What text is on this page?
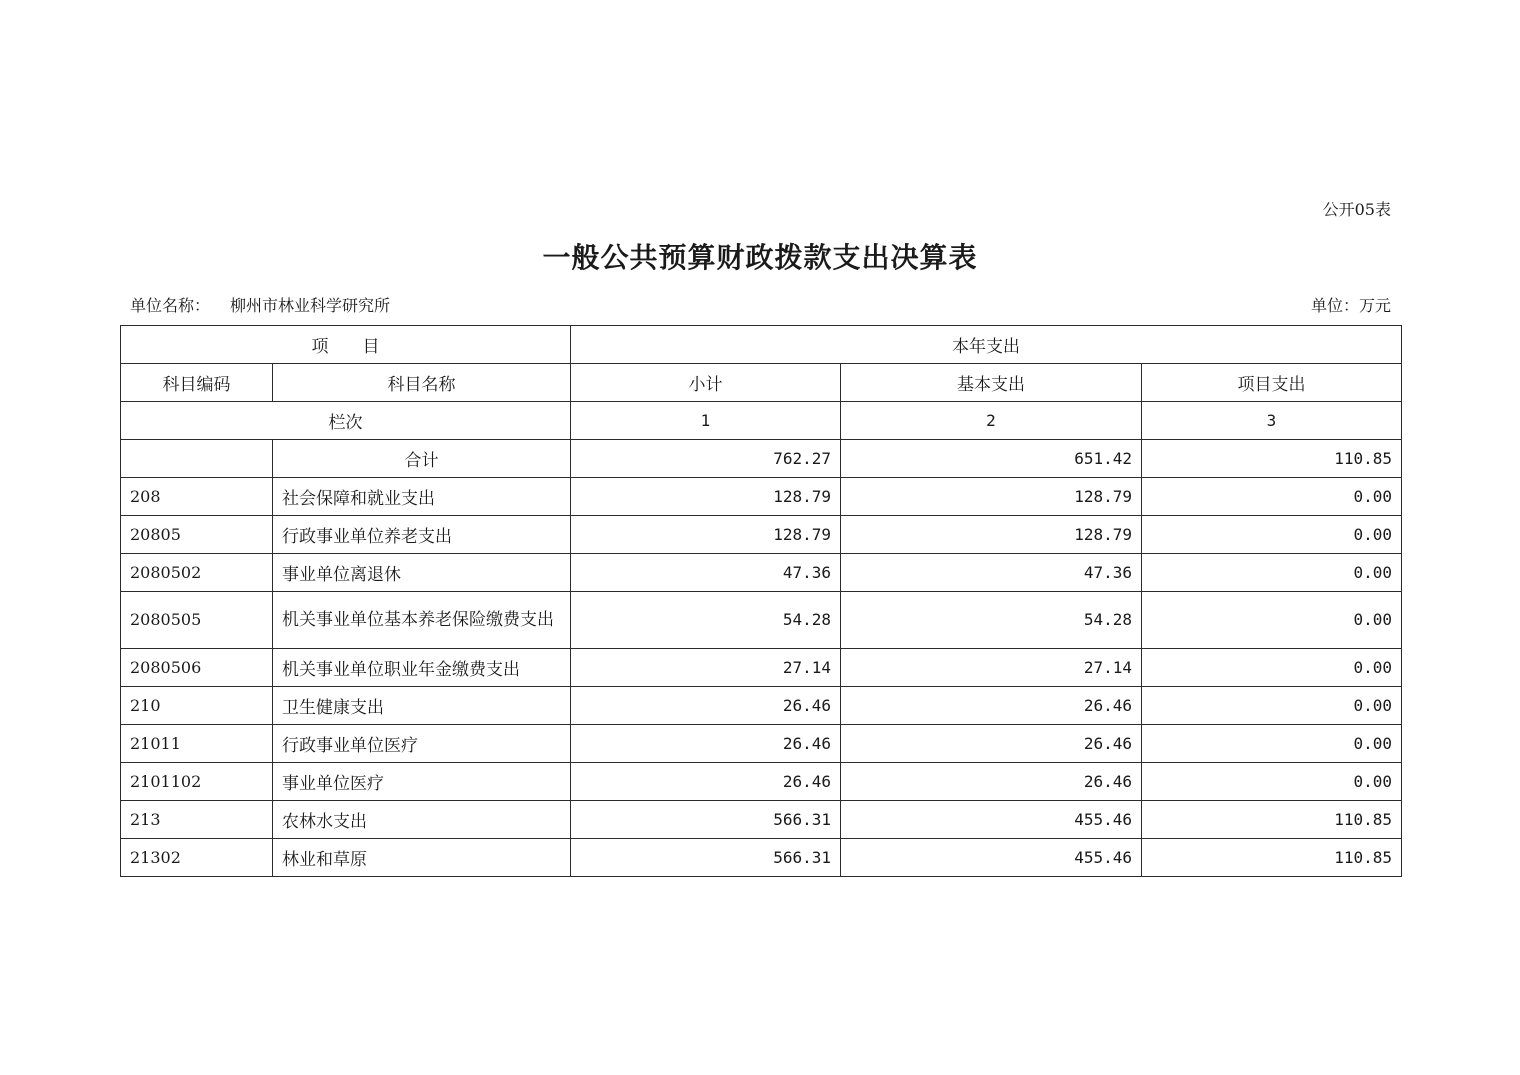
公开05表
一般公共预算财政拨款支出决算表
单位名称： 柳州市林业科学研究所	单位：万元
项　　目		本年支出		
科目编码	科目名称	小计	基本支出	项目支出
栏次		1	2	3
	合计	762.27	651.42	110.85
208	社会保障和就业支出	128.79	128.79	0.00
20805	行政事业单位养老支出	128.79	128.79	0.00
2080502	事业单位离退休	47.36	47.36	0.00
2080505	机关事业单位基本养老保险缴费支出	54.28	54.28	0.00
2080506	机关事业单位职业年金缴费支出	27.14	27.14	0.00
210	卫生健康支出	26.46	26.46	0.00
21011	行政事业单位医疗	26.46	26.46	0.00
2101102	事业单位医疗	26.46	26.46	0.00
213	农林水支出	566.31	455.46	110.85
21302	林业和草原	566.31	455.46	110.85
